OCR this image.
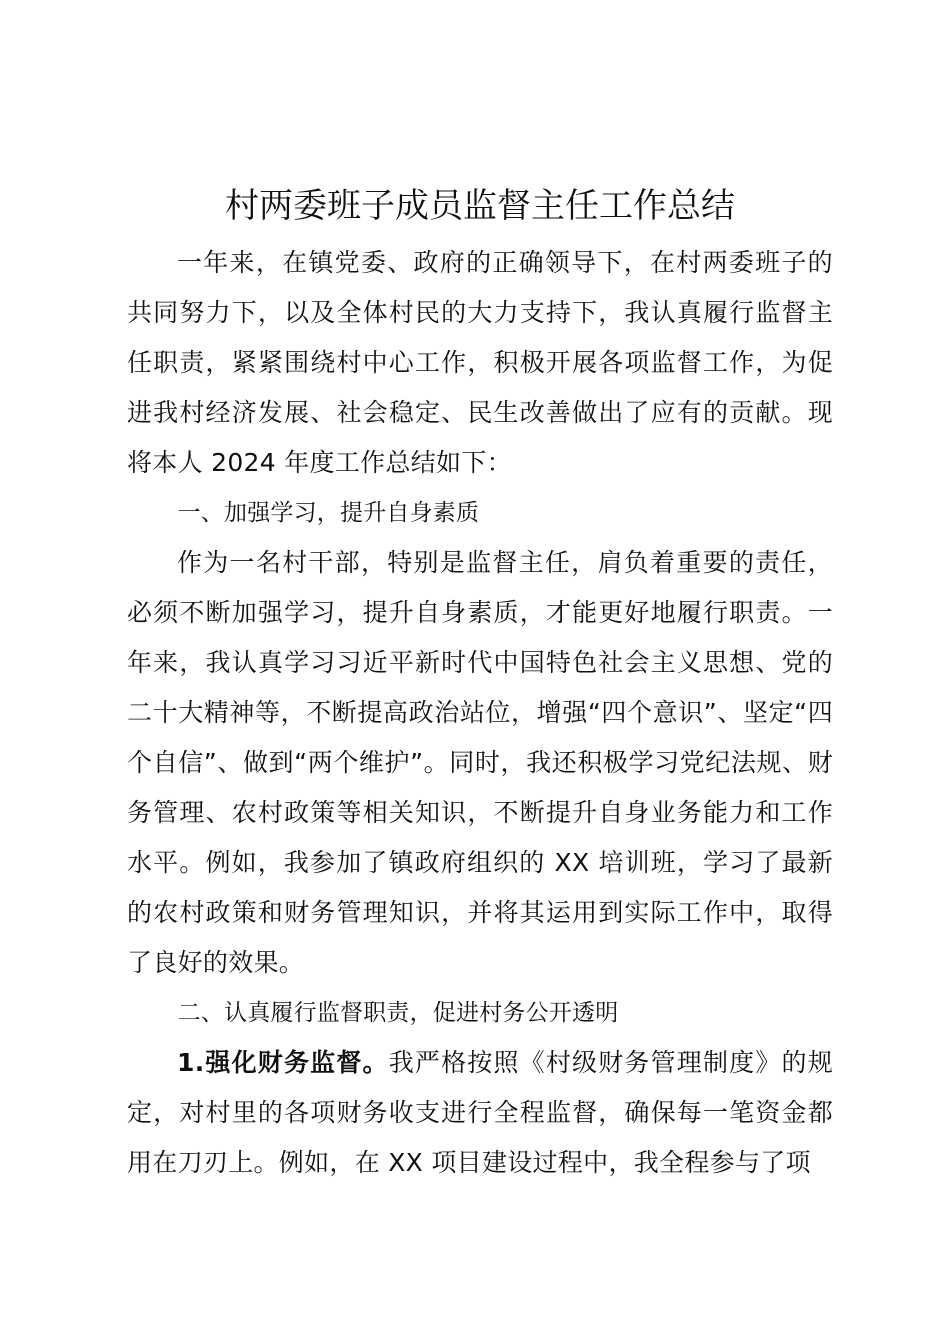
村两委班子成员监督主任工作总结

一年来，在镇党委、政府的正确领导下，在村两委班子的共同努力下，以及全体村民的大力支持下，我认真履行监督主任职责，紧紧围绕村中心工作，积极开展各项监督工作，为促进我村经济发展、社会稳定、民生改善做出了应有的贡献。现将本人 2024 年度工作总结如下：

一、加强学习，提升自身素质

作为一名村干部，特别是监督主任，肩负着重要的责任，必须不断加强学习，提升自身素质，才能更好地履行职责。一年来，我认真学习习近平新时代中国特色社会主义思想、党的二十大精神等，不断提高政治站位，增强“四个意识”、坚定“四个自信”、做到“两个维护”。同时，我还积极学习党纪法规、财务管理、农村政策等相关知识，不断提升自身业务能力和工作水平。例如，我参加了镇政府组织的 XX 培训班，学习了最新的农村政策和财务管理知识，并将其运用到实际工作中，取得了良好的效果。

二、认真履行监督职责，促进村务公开透明

1.强化财务监督。我严格按照《村级财务管理制度》的规定，对村里的各项财务收支进行全程监督，确保每一笔资金都用在刀刃上。例如，在 XX 项目建设过程中，我全程参与了项
